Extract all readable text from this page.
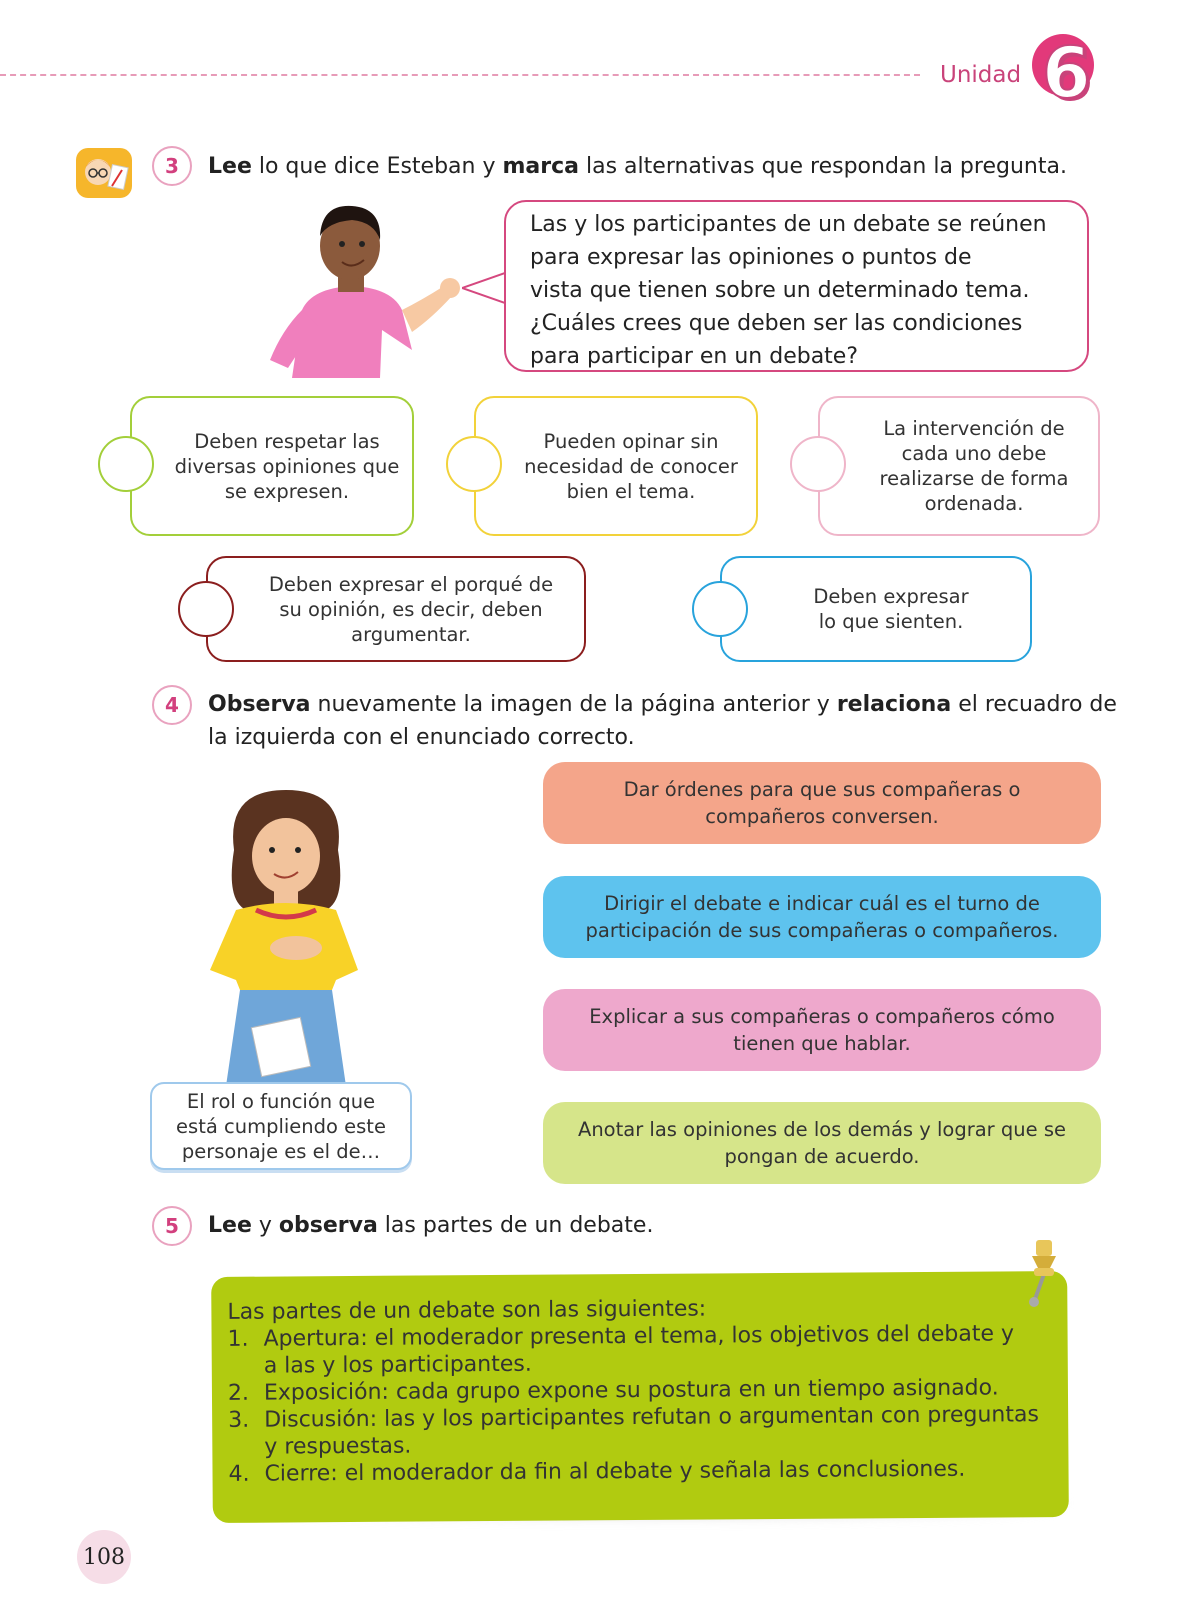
Unidad 6
3	Lee lo que dice Esteban y marca las alternativas que respondan la pregunta.
Las y los participantes de un debate se reúnen
para expresar las opiniones o puntos de
vista que tienen sobre un determinado tema.
¿Cuáles crees que deben ser las condiciones
para participar en un debate?
Deben respetar las diversas opiniones que se expresen.
Pueden opinar sin necesidad de conocer bien el tema.
La intervención de cada uno debe realizarse de forma ordenada.
Deben expresar el porqué de su opinión, es decir, deben argumentar.
Deben expresar lo que sienten.
4	Observa nuevamente la imagen de la página anterior y relaciona el recuadro de la izquierda con el enunciado correcto.
El rol o función que está cumpliendo este personaje es el de…
Dar órdenes para que sus compañeras o compañeros conversen.
Dirigir el debate e indicar cuál es el turno de participación de sus compañeras o compañeros.
Explicar a sus compañeras o compañeros cómo tienen que hablar.
Anotar las opiniones de los demás y lograr que se pongan de acuerdo.
5	Lee y observa las partes de un debate.
Las partes de un debate son las siguientes:
1. Apertura: el moderador presenta el tema, los objetivos del debate y
a las y los participantes.
2. Exposición: cada grupo expone su postura en un tiempo asignado.
3. Discusión: las y los participantes refutan o argumentan con preguntas
y respuestas.
4. Cierre: el moderador da fin al debate y señala las conclusiones.
108
